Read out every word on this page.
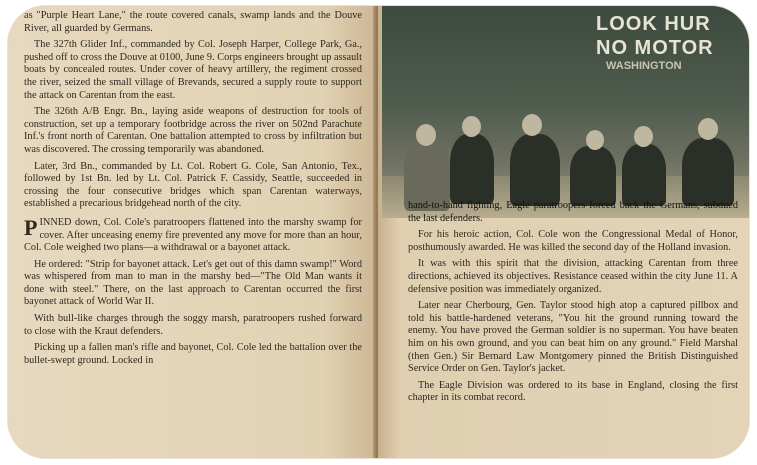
as "Purple Heart Lane," the route covered canals, swamp lands and the Douve River, all guarded by Germans.

The 327th Glider Inf., commanded by Col. Joseph Harper, College Park, Ga., pushed off to cross the Douve at 0100, June 9. Corps engineers brought up assault boats by concealed routes. Under cover of heavy artillery, the regiment crossed the river, seized the small village of Brevands, secured a supply route to support the attack on Carentan from the east.

The 326th A/B Engr. Bn., laying aside weapons of destruction for tools of construction, set up a temporary footbridge across the river on 502nd Parachute Inf.'s front north of Carentan. One battalion attempted to cross by infiltration but was discovered. The crossing temporarily was abandoned.

Later, 3rd Bn., commanded by Lt. Col. Robert G. Cole, San Antonio, Tex., followed by 1st Bn. led by Lt. Col. Patrick F. Cassidy, Seattle, succeeded in crossing the four consecutive bridges which span Carentan waterways, established a precarious bridgehead north of the city.

PINNED down, Col. Cole's paratroopers flattened into the marshy swamp for cover. After unceasing enemy fire prevented any move for more than an hour, Col. Cole weighed two plans—a withdrawal or a bayonet attack.

He ordered: "Strip for bayonet attack. Let's get out of this damn swamp!" Word was whispered from man to man in the marshy bed—"The Old Man wants it done with steel." There, on the last approach to Carentan occurred the first bayonet attack of World War II.

With bull-like charges through the soggy marsh, paratroopers rushed forward to close with the Kraut defenders.

Picking up a fallen man's rifle and bayonet, Col. Cole led the battalion over the bullet-swept ground. Locked in

LOOK HUR
NO MOTOR
WASHINGTON

hand-to-hand fighting, Eagle paratroopers forced back the Germans, subdued the last defenders.

For his heroic action, Col. Cole won the Congressional Medal of Honor, posthumously awarded. He was killed the second day of the Holland invasion.

It was with this spirit that the division, attacking Carentan from three directions, achieved its objectives. Resistance ceased within the city June 11. A defensive position was immediately organized.

Later near Cherbourg, Gen. Taylor stood high atop a captured pillbox and told his battle-hardened veterans, "You hit the ground running toward the enemy. You have proved the German soldier is no superman. You have beaten him on his own ground, and you can beat him on any ground." Field Marshal (then Gen.) Sir Bernard Law Montgomery pinned the British Distinguished Service Order on Gen. Taylor's jacket.

The Eagle Division was ordered to its base in England, closing the first chapter in its combat record.
